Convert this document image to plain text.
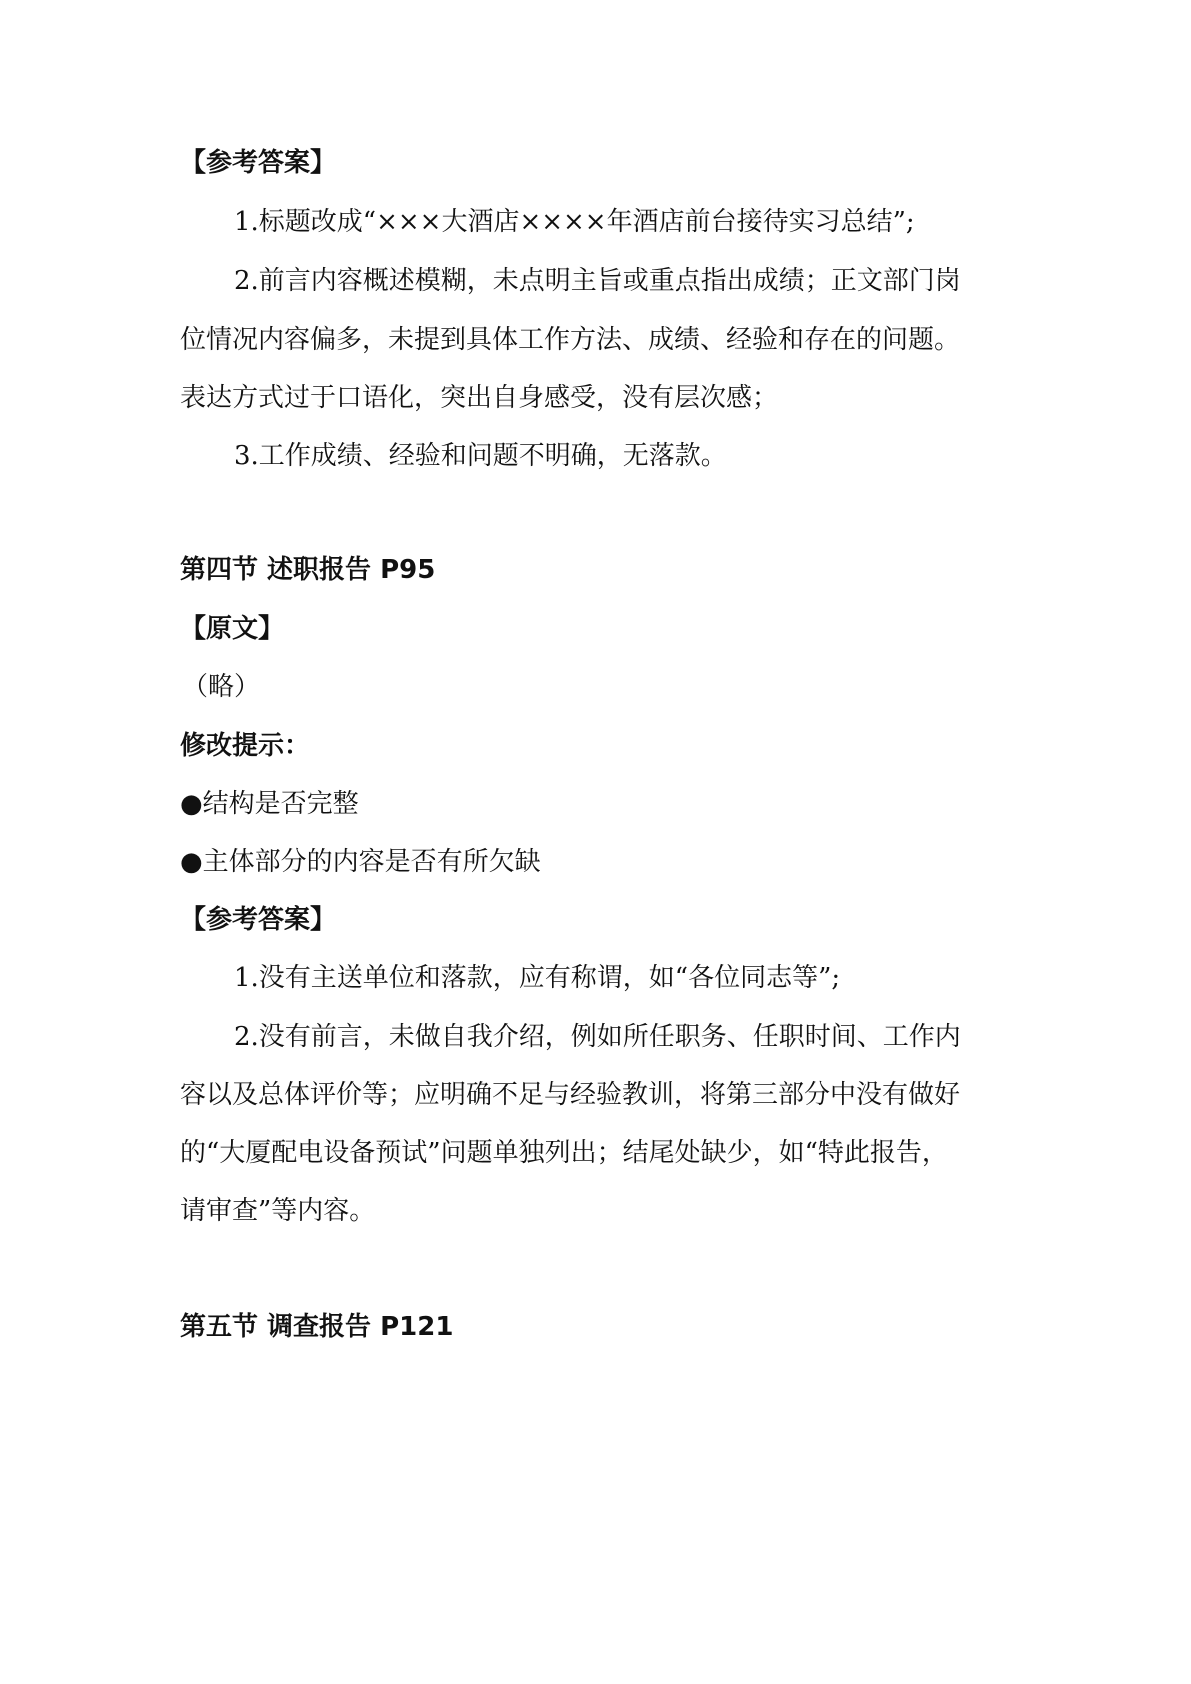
【参考答案】
1.标题改成“×××大酒店××××年酒店前台接待实习总结”;
2.前言内容概述模糊，未点明主旨或重点指出成绩；正文部门岗
位情况内容偏多，未提到具体工作方法、成绩、经验和存在的问题。
表达方式过于口语化，突出自身感受，没有层次感；
3.工作成绩、经验和问题不明确，无落款。
第四节 述职报告 P95
【原文】
（略）
修改提示：
●结构是否完整
●主体部分的内容是否有所欠缺
【参考答案】
1.没有主送单位和落款，应有称谓，如“各位同志等”;
2.没有前言，未做自我介绍，例如所任职务、任职时间、工作内
容以及总体评价等；应明确不足与经验教训，将第三部分中没有做好
的“大厦配电设备预试”问题单独列出；结尾处缺少，如“特此报告，
请审查”等内容。
第五节 调查报告 P121
